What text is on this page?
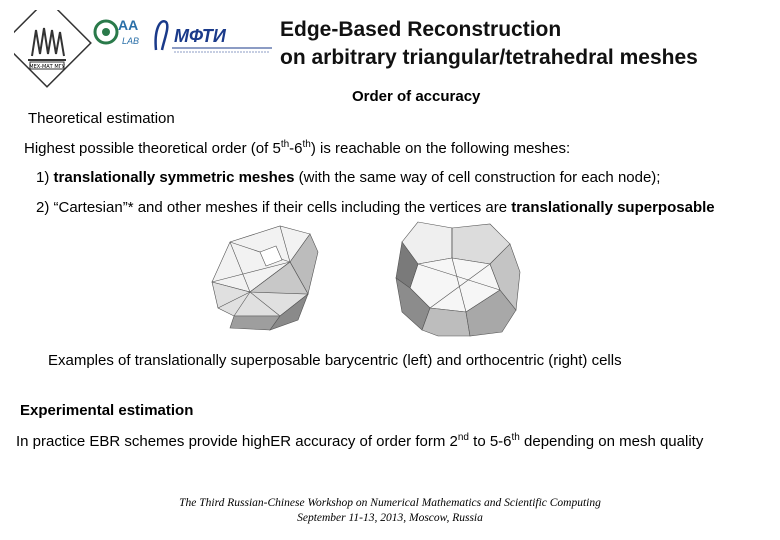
МЕХ-МАТ МГУ
AA
LAB МФТИ	Edge-Based Reconstruction
on arbitrary triangular/tetrahedral meshes
Order of accuracy
Theoretical estimation
Highest possible theoretical order (of 5th-6th) is reachable on the following meshes:
1) translationally symmetric meshes (with the same way of cell construction for each node);
2) “Cartesian”* and other meshes if their cells including the vertices are translationally superposable
Examples of translationally superposable barycentric (left) and orthocentric (right) cells
Experimental estimation
In practice EBR schemes provide highER accuracy of order form 2nd to 5-6th depending on mesh quality
The Third Russian-Chinese Workshop on Numerical Mathematics and Scientific Computing
September 11-13, 2013, Moscow, Russia
